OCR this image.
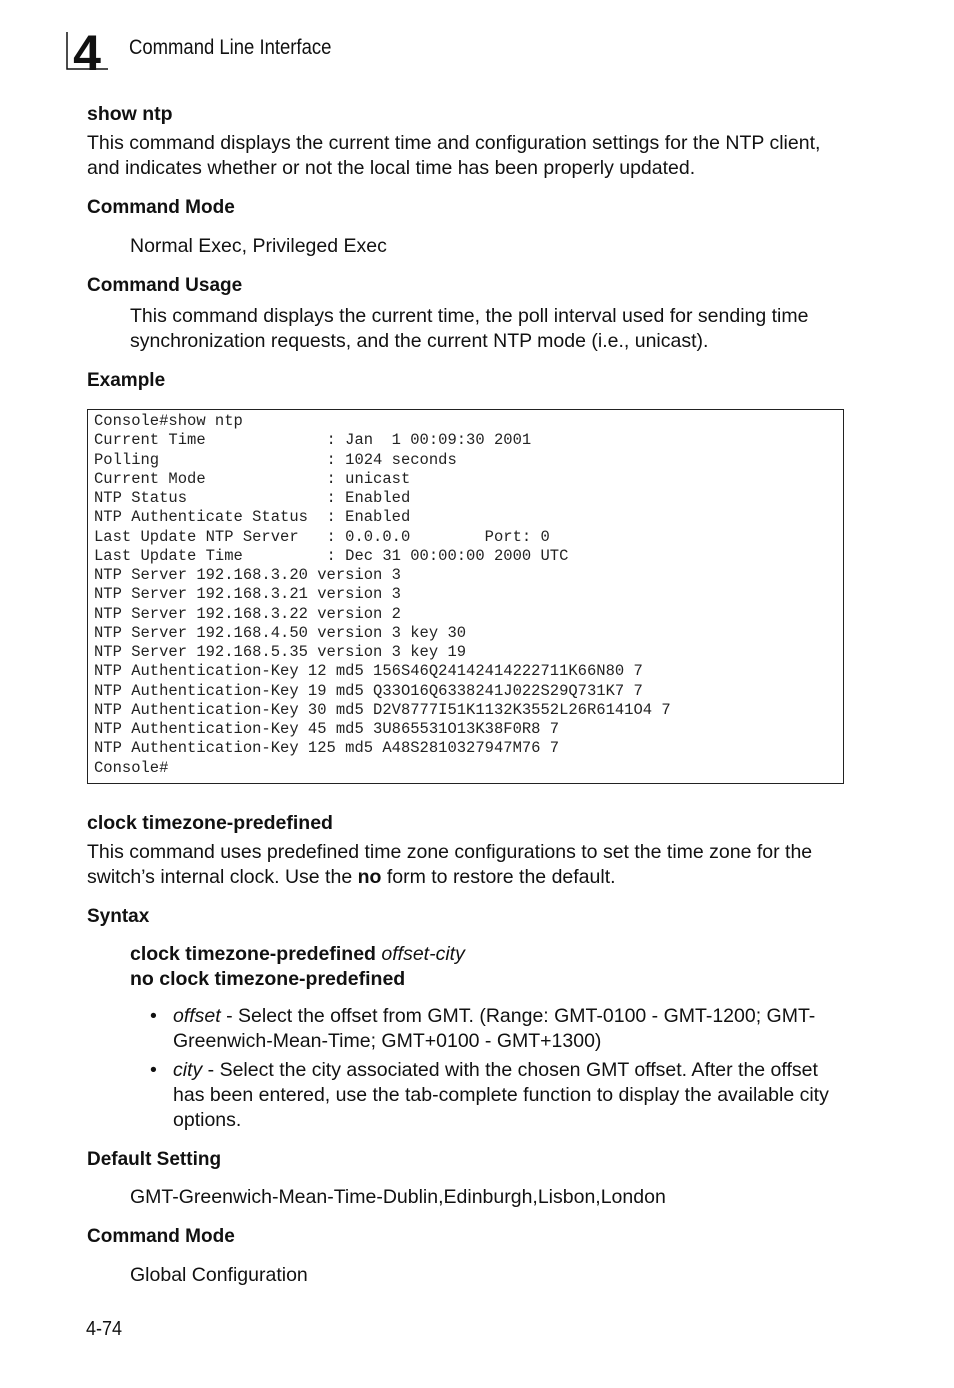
4 Command Line Interface
show ntp
This command displays the current time and configuration settings for the NTP client, and indicates whether or not the local time has been properly updated.
Command Mode
Normal Exec, Privileged Exec
Command Usage
This command displays the current time, the poll interval used for sending time synchronization requests, and the current NTP mode (i.e., unicast).
Example
Console#show ntp
Current Time             : Jan  1 00:09:30 2001
Polling                  : 1024 seconds
Current Mode             : unicast
NTP Status               : Enabled
NTP Authenticate Status  : Enabled
Last Update NTP Server   : 0.0.0.0        Port: 0
Last Update Time         : Dec 31 00:00:00 2000 UTC
NTP Server 192.168.3.20 version 3
NTP Server 192.168.3.21 version 3
NTP Server 192.168.3.22 version 2
NTP Server 192.168.4.50 version 3 key 30
NTP Server 192.168.5.35 version 3 key 19
NTP Authentication-Key 12 md5 156S46Q24142414222711K66N80 7
NTP Authentication-Key 19 md5 Q33O16Q6338241J022S29Q731K7 7
NTP Authentication-Key 30 md5 D2V8777I51K1132K3552L26R6141O4 7
NTP Authentication-Key 45 md5 3U865531O13K38F0R8 7
NTP Authentication-Key 125 md5 A48S2810327947M76 7
Console#
clock timezone-predefined
This command uses predefined time zone configurations to set the time zone for the switch’s internal clock. Use the no form to restore the default.
Syntax
clock timezone-predefined offset-city
no clock timezone-predefined
• offset - Select the offset from GMT. (Range: GMT-0100 - GMT-1200; GMT-Greenwich-Mean-Time; GMT+0100 - GMT+1300)
• city - Select the city associated with the chosen GMT offset. After the offset has been entered, use the tab-complete function to display the available city options.
Default Setting
GMT-Greenwich-Mean-Time-Dublin,Edinburgh,Lisbon,London
Command Mode
Global Configuration
4-74
